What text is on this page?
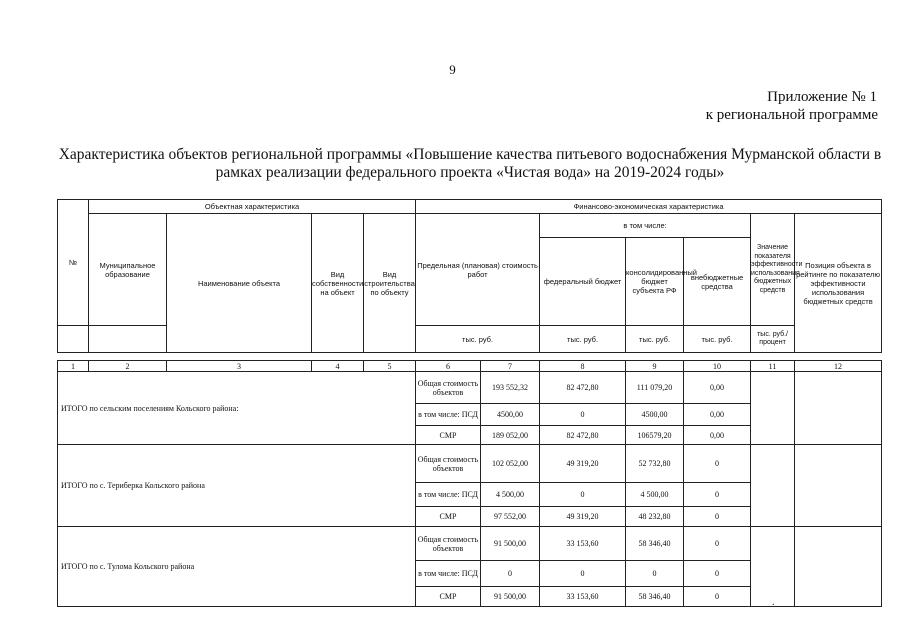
9
Приложение № 1
к региональной программе
Характеристика объектов региональной программы «Повышение качества питьевого водоснабжения Мурманской области в рамках реализации федерального проекта «Чистая вода» на 2019-2024 годы»
№	Объектная характеристика				Финансово-экономическая характеристика					
	Муниципальное образование	Наименование объекта	Вид собственности на объект	Вид строительства по объекту	Предельная (плановая) стоимость работ	в том числе:			Значение показателя эффективности использования бюджетных средств	Позиция объекта в рейтинге по показателю эффективности использования бюджетных средств
						федеральный бюджет	консолидированный бюджет субъекта РФ	внебюджетные средства		
					тыс. руб.	тыс. руб.	тыс. руб.	тыс. руб.	тыс. руб./ процент	
1	2	3	4	5	6	7	8	9	10	11	12
ИТОГО по сельским поселениям Кольского района:					Общая стоимость объектов	193 552,32	82 472,80	111 079,20	0,00		
					в том числе: ПСД	4500,00	0	4500,00	0,00		
					СМР	189 052,00	82 472,80	106579,20	0,00		
ИТОГО по с. Териберка Кольского района					Общая стоимость объектов	102 052,00	49 319,20	52 732,80	0		
					в том числе: ПСД	4 500,00	0	4 500,00	0		
					СМР	97 552,00	49 319,20	48 232,80	0		
ИТОГО по с. Тулома Кольского района					Общая стоимость объектов	91 500,00	33 153,60	58 346,40	0		
					в том числе: ПСД	0	0	0	0		
					СМР	91 500,00	33 153,60	58 346,40	0		
.
